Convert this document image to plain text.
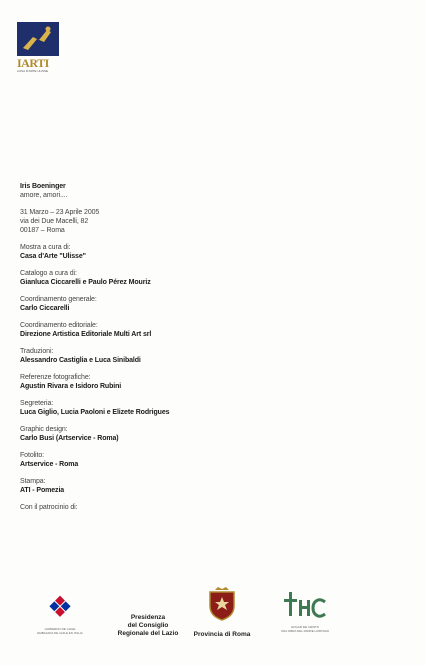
IARTI
CASA D'ARTE ULISSE
Iris Boeninger
amore, amori....
31 Marzo – 23 Aprile 2005
via dei Due Macelli, 82
00187 – Roma
Mostra a cura di:
Casa d'Arte "Ulisse"
Catalogo a cura di:
Gianluca Ciccarelli e Paulo Pérez Mouriz
Coordinamento generale:
Carlo Ciccarelli
Coordinamento editoriale:
Direzione Artistica Editoriale Multi Art srl
Traduzioni:
Alessandro Castiglia e Luca Sinibaldi
Referenze fotografiche:
Agustin Rivara e Isidoro Rubini
Segreteria:
Luca Giglio, Lucia Paoloni e Elizete Rodrigues
Graphic design:
Carlo Busi (Artservice - Roma)
Fotolito:
Artservice - Roma
Stampa:
ATI - Pomezia
Con il patrocinio di:
GOBIERNO DE CHILE
EMBAJADA DE CHILE EN ITALIA
Presidenza
del Consiglio
Regionale del Lazio	Provincia di Roma
HOGAR DE CRISTO
UNA OBRA DEL PADRE HURTADO
